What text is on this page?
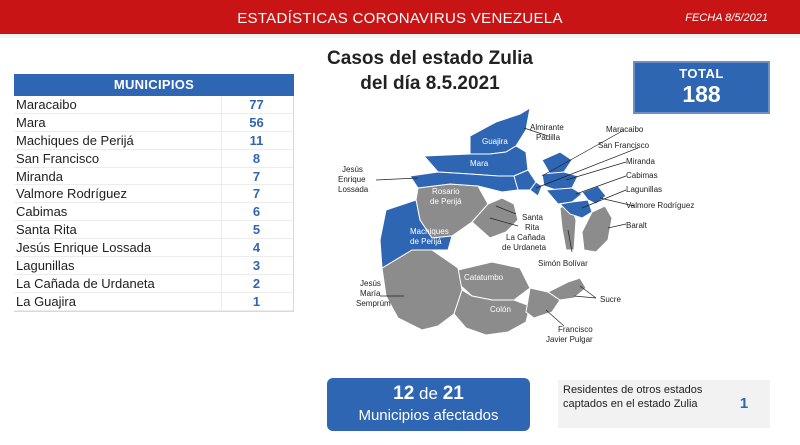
ESTADÍSTICAS CORONAVIRUS VENEZUELA	FECHA 8/5/2021
Casos del estado Zulia
del día 8.5.2021
MUNICIPIOS
Maracaibo	77
Mara	56
Machiques de Perijá	11
San Francisco	8
Miranda	7
Valmore Rodríguez	7
Cabimas	6
Santa Rita	5
Jesús Enrique Lossada	4
Lagunillas	3
La Cañada de Urdaneta	2
La Guajira	1
TOTAL
188
Guajira
Mara
Rosario
de Perijá
Machiques
de Perijá
Catatumbo
Colón
Almirante
Padilla
Jesús
Enrique
Lossada
Santa
Rita
La Cañada
de Urdaneta
Simón Bolívar
Maracaibo
San Francisco
Miranda
Cabimas
Lagunillas
Valmore Rodríguez
Baralt
Sucre
Jesús
María
Semprúm
Francisco
Javier Pulgar
12 de 21
Municipios afectados
Residentes de otros estados captados en el estado Zulia	1
